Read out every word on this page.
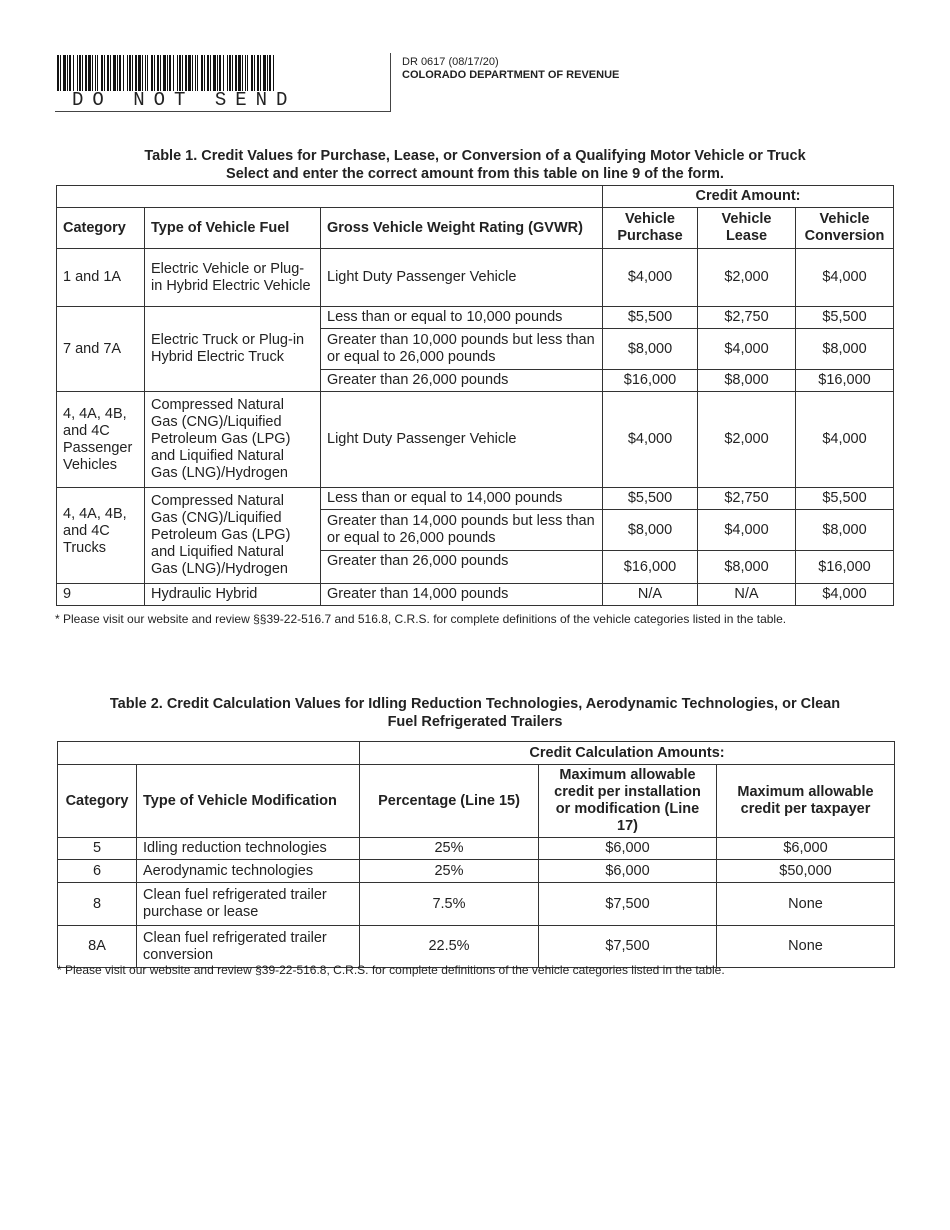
DO NOT SEND
DR 0617 (08/17/20)
COLORADO DEPARTMENT OF REVENUE
Table 1. Credit Values for Purchase, Lease, or Conversion of a Qualifying Motor Vehicle or Truck
Select and enter the correct amount from this table on line 9 of the form.
			Credit Amount:		
Category	Type of Vehicle Fuel	Gross Vehicle Weight Rating (GVWR)	Vehicle Purchase	Vehicle Lease	Vehicle Conversion
1 and 1A	Electric Vehicle or Plug-in Hybrid Electric Vehicle	Light Duty Passenger Vehicle	$4,000	$2,000	$4,000
7 and 7A	Electric Truck or Plug-in Hybrid Electric Truck	Less than or equal to 10,000 pounds	$5,500	$2,750	$5,500
		Greater than 10,000 pounds but less than or equal to 26,000 pounds	$8,000	$4,000	$8,000
		Greater than 26,000 pounds	$16,000	$8,000	$16,000
4, 4A, 4B, and 4C Passenger Vehicles	Compressed Natural Gas (CNG)/Liquified Petroleum Gas (LPG) and Liquified Natural Gas (LNG)/Hydrogen	Light Duty Passenger Vehicle	$4,000	$2,000	$4,000
4, 4A, 4B, and 4C Trucks	Compressed Natural Gas (CNG)/Liquified Petroleum Gas (LPG) and Liquified Natural Gas (LNG)/Hydrogen	Less than or equal to 14,000 pounds	$5,500	$2,750	$5,500
		Greater than 14,000 pounds but less than or equal to 26,000 pounds	$8,000	$4,000	$8,000
		Greater than 26,000 pounds	$16,000	$8,000	$16,000
9	Hydraulic Hybrid	Greater than 14,000 pounds	N/A	N/A	$4,000
* Please visit our website and review §§39-22-516.7 and 516.8, C.R.S. for complete definitions of the vehicle categories listed in the table.
Table 2. Credit Calculation Values for Idling Reduction Technologies, Aerodynamic Technologies, or Clean
Fuel Refrigerated Trailers
		Credit Calculation Amounts:		
Category	Type of Vehicle Modification	Percentage (Line 15)	Maximum allowable credit per installation or modification (Line 17)	Maximum allowable credit per taxpayer
5	Idling reduction technologies	25%	$6,000	$6,000
6	Aerodynamic technologies	25%	$6,000	$50,000
8	Clean fuel refrigerated trailer purchase or lease	7.5%	$7,500	None
8A	Clean fuel refrigerated trailer conversion	22.5%	$7,500	None
* Please visit our website and review §39-22-516.8, C.R.S. for complete definitions of the vehicle categories listed in the table.
